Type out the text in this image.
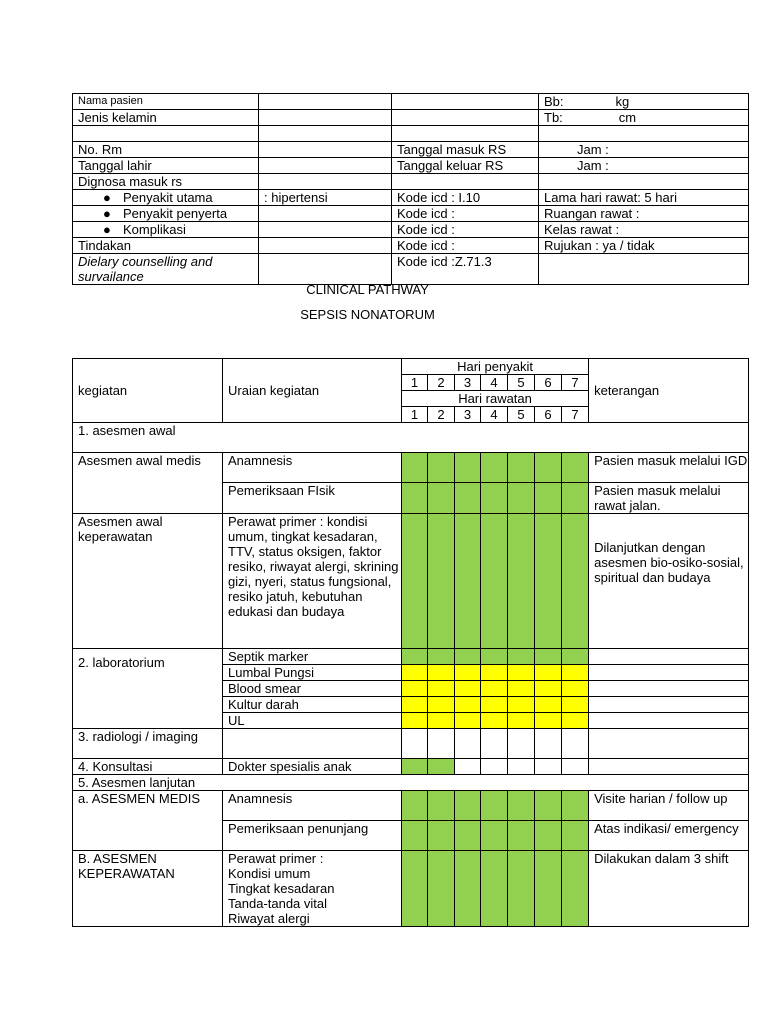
Nama pasien			Bb: kg

Jenis kelamin			Tb: cm

No. Rm		Tanggal masuk RS	Jam :
Tanggal lahir		Tanggal keluar RS	Jam :
Dignosa masuk rs			

● Penyakit utama	: hipertensi	Kode icd : I.10	Lama hari rawat: 5 hari

● Penyakit penyerta		Kode icd :	Ruangan rawat :

● Komplikasi		Kode icd :	Kelas rawat :
Tindakan		Kode icd :	Rujukan : ya / tidak
Dielary counselling and
survailance		Kode icd :Z.71.3	
CLINICAL PATHWAY
SEPSIS NONATORUM
kegiatan	Uraian kegiatan	Hari penyakit							keterangan
		1	2	3	4	5	6	7	
		Hari rawatan							
		1	2	3	4	5	6	7	
1. asesmen awal									
Asesmen awal medis	Anamnesis								Pasien masuk melalui IGD
	Pemeriksaan FIsik								Pasien masuk melalui rawat jalan.
Asesmen awal keperawatan	Perawat primer : kondisi umum, tingkat kesadaran, TTV, status oksigen, faktor resiko, riwayat alergi, skrining gizi, nyeri, status fungsional, resiko jatuh, kebutuhan edukasi dan budaya								Dilanjutkan dengan asesmen bio-osiko-sosial, spiritual dan budaya

2. laboratorium	Septik marker								
	Lumbal Pungsi								
	Blood smear								
	Kultur darah								
	UL								
3. radiologi / imaging									
4. Konsultasi	Dokter spesialis anak								
5. Asesmen lanjutan									
a. ASESMEN MEDIS	Anamnesis								Visite harian / follow up
	Pemeriksaan penunjang								Atas indikasi/ emergency
B. ASESMEN KEPERAWATAN	Perawat primer :
Kondisi umum
Tingkat kesadaran
Tanda-tanda vital
Riwayat alergi								Dilakukan dalam 3 shift
